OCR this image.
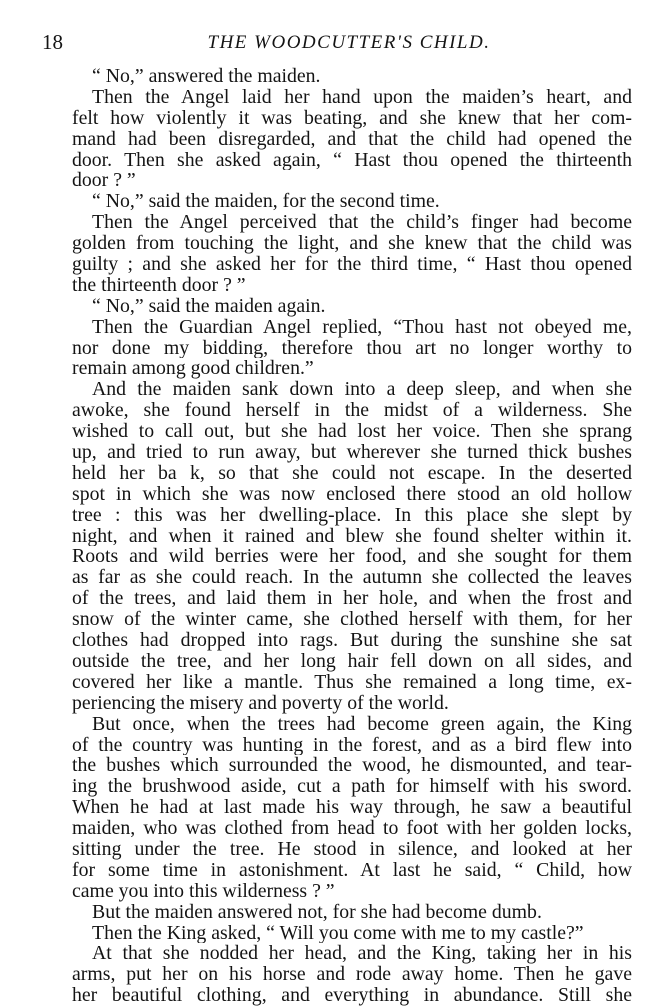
18	THE WOODCUTTER'S CHILD.
“ No,” answered the maiden.
Then the Angel laid her hand upon the maiden’s heart, and
felt how violently it was beating, and she knew that her com-
mand had been disregarded, and that the child had opened the
door. Then she asked again, “ Hast thou opened the thirteenth
door ? ”
“ No,” said the maiden, for the second time.
Then the Angel perceived that the child’s finger had become
golden from touching the light, and she knew that the child was
guilty ; and she asked her for the third time, “ Hast thou opened
the thirteenth door ? ”
“ No,” said the maiden again.
Then the Guardian Angel replied, “Thou hast not obeyed me,
nor done my bidding, therefore thou art no longer worthy to
remain among good children.”
And the maiden sank down into a deep sleep, and when she
awoke, she found herself in the midst of a wilderness. She
wished to call out, but she had lost her voice. Then she sprang
up, and tried to run away, but wherever she turned thick bushes
held her ba k, so that she could not escape. In the deserted
spot in which she was now enclosed there stood an old hollow
tree : this was her dwelling-place. In this place she slept by
night, and when it rained and blew she found shelter within it.
Roots and wild berries were her food, and she sought for them
as far as she could reach. In the autumn she collected the leaves
of the trees, and laid them in her hole, and when the frost and
snow of the winter came, she clothed herself with them, for her
clothes had dropped into rags. But during the sunshine she sat
outside the tree, and her long hair fell down on all sides, and
covered her like a mantle. Thus she remained a long time, ex-
periencing the misery and poverty of the world.
But once, when the trees had become green again, the King
of the country was hunting in the forest, and as a bird flew into
the bushes which surrounded the wood, he dismounted, and tear-
ing the brushwood aside, cut a path for himself with his sword.
When he had at last made his way through, he saw a beautiful
maiden, who was clothed from head to foot with her golden locks,
sitting under the tree. He stood in silence, and looked at her
for some time in astonishment. At last he said, “ Child, how
came you into this wilderness ? ”
But the maiden answered not, for she had become dumb.
Then the King asked, “ Will you come with me to my castle?”
At that she nodded her head, and the King, taking her in his
arms, put her on his horse and rode away home. Then he gave
her beautiful clothing, and everything in abundance. Still she
